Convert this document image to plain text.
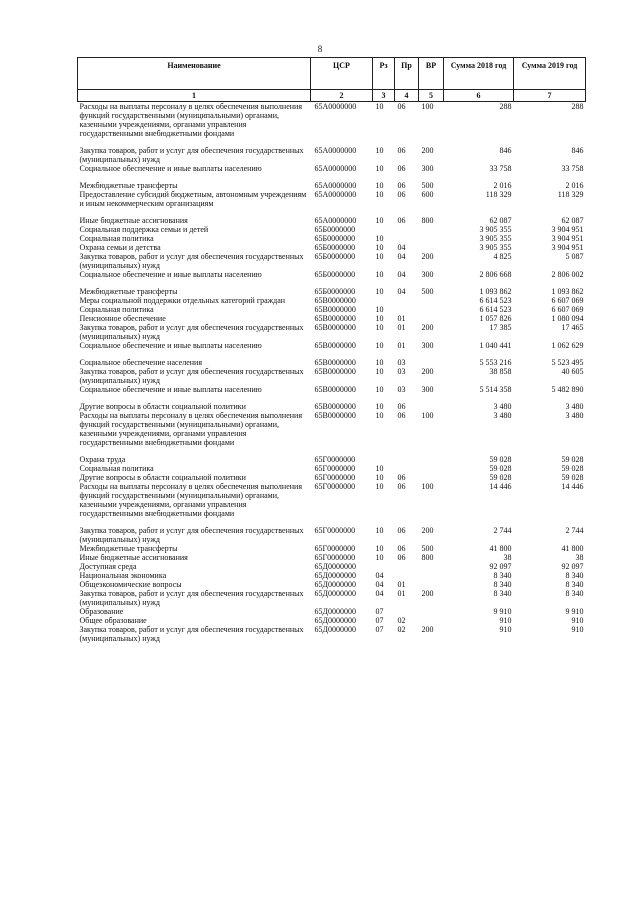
8
Наименование	ЦСР	Рз	Пр	ВР	Сумма 2018 год	Сумма 2019 год
1	2	3	4	5	6	7
Расходы на выплаты персоналу в целях обеспечения выполнения функций государственными (муниципальными) органами, казенными учреждениями, органами управления государственными внебюджетными фондами	65А0000000	10	06	100	288	288

Закупка товаров, работ и услуг для обеспечения государственных (муниципальных) нужд	65А0000000	10	06	200	846	846
Социальное обеспечение и иные выплаты населению	65А0000000	10	06	300	33 758	33 758

Межбюджетные трансферты	65А0000000	10	06	500	2 016	2 016
Предоставление субсидий бюджетным, автономным учреждениям и иным некоммерческим организациям	65А0000000	10	06	600	118 329	118 329

Иные бюджетные ассигнования	65А0000000	10	06	800	62 087	62 087
Социальная поддержка семьи и детей	65Б0000000				3 905 355	3 904 951
Социальная политика	65Б0000000	10			3 905 355	3 904 951
Охрана семьи и детства	65Б0000000	10	04		3 905 355	3 904 951
Закупка товаров, работ и услуг для обеспечения государственных (муниципальных) нужд	65Б0000000	10	04	200	4 825	5 087
Социальное обеспечение и иные выплаты населению	65Б0000000	10	04	300	2 806 668	2 806 002

Межбюджетные трансферты	65Б0000000	10	04	500	1 093 862	1 093 862
Меры социальной поддержки отдельных категорий граждан	65В0000000				6 614 523	6 607 069
Социальная политика	65В0000000	10			6 614 523	6 607 069
Пенсионное обеспечение	65В0000000	10	01		1 057 826	1 080 094
Закупка товаров, работ и услуг для обеспечения государственных (муниципальных) нужд	65В0000000	10	01	200	17 385	17 465
Социальное обеспечение и иные выплаты населению	65В0000000	10	01	300	1 040 441	1 062 629

Социальное обеспечение населения	65В0000000	10	03		5 553 216	5 523 495
Закупка товаров, работ и услуг для обеспечения государственных (муниципальных) нужд	65В0000000	10	03	200	38 858	40 605
Социальное обеспечение и иные выплаты населению	65В0000000	10	03	300	5 514 358	5 482 890

Другие вопросы в области социальной политики	65В0000000	10	06		3 480	3 480
Расходы на выплаты персоналу в целях обеспечения выполнения функций государственными (муниципальными) органами, казенными учреждениями, органами управления государственными внебюджетными фондами	65В0000000	10	06	100	3 480	3 480

Охрана труда	65Г0000000				59 028	59 028
Социальная политика	65Г0000000	10			59 028	59 028
Другие вопросы в области социальной политики	65Г0000000	10	06		59 028	59 028
Расходы на выплаты персоналу в целях обеспечения выполнения функций государственными (муниципальными) органами, казенными учреждениями, органами управления государственными внебюджетными фондами	65Г0000000	10	06	100	14 446	14 446

Закупка товаров, работ и услуг для обеспечения государственных (муниципальных) нужд	65Г0000000	10	06	200	2 744	2 744
Межбюджетные трансферты	65Г0000000	10	06	500	41 800	41 800
Иные бюджетные ассигнования	65Г0000000	10	06	800	38	38
Доступная среда	65Д0000000				92 097	92 097
Национальная экономика	65Д0000000	04			8 340	8 340
Общеэкономические вопросы	65Д0000000	04	01		8 340	8 340
Закупка товаров, работ и услуг для обеспечения государственных (муниципальных) нужд	65Д0000000	04	01	200	8 340	8 340
Образование	65Д0000000	07			9 910	9 910
Общее образование	65Д0000000	07	02		910	910
Закупка товаров, работ и услуг для обеспечения государственных (муниципальных) нужд	65Д0000000	07	02	200	910	910
